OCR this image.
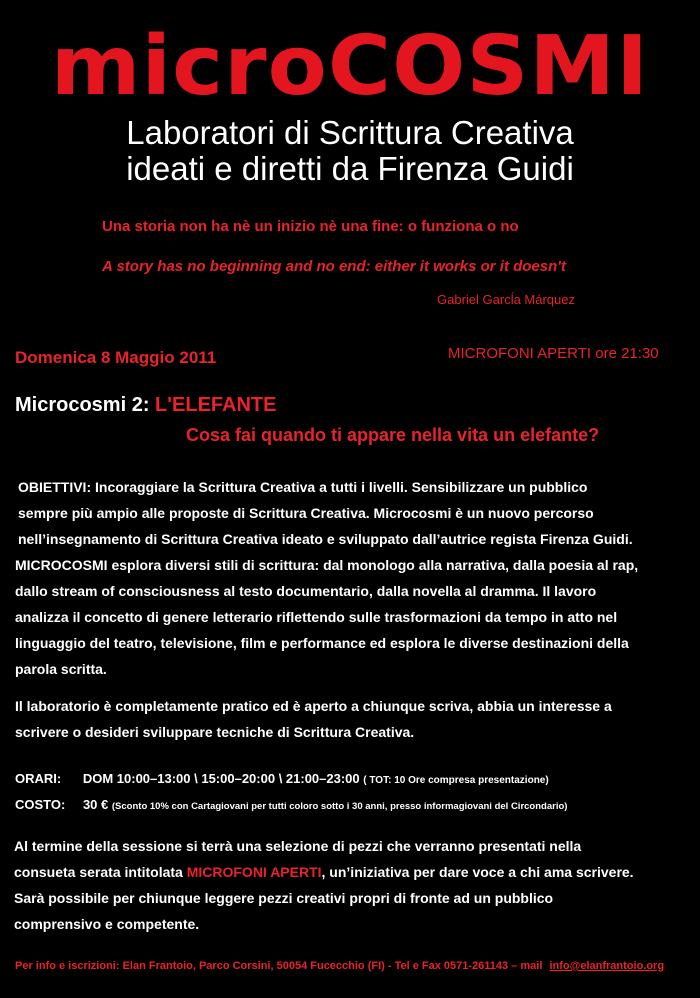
microCOSMI
Laboratori di Scrittura Creativa
ideati e diretti da Firenza Guidi
Una storia non ha nè un inizio nè una fine: o funziona o no
A story has no beginning and no end: either it works or it doesn't
Gabriel Garcĺa Márquez
Domenica 8 Maggio 2011	MICROFONI APERTI ore 21:30
Microcosmi 2: L'ELEFANTE
Cosa fai quando ti appare nella vita un elefante?

OBIETTIVI: Incoraggiare la Scrittura Creativa a tutti i livelli. Sensibilizzare un pubblico

sempre più ampio alle proposte di Scrittura Creativa. Microcosmi è un nuovo percorso

nell’insegnamento di Scrittura Creativa ideato e sviluppato dall’autrice regista Firenza Guidi.

MICROCOSMI esplora diversi stili di scrittura: dal monologo alla narrativa, dalla poesia al rap,

dallo stream of consciousness al testo documentario, dalla novella al dramma. Il lavoro

analizza il concetto di genere letterario riflettendo sulle trasformazioni da tempo in atto nel

linguaggio del teatro, televisione, film e performance ed esplora le diverse destinazioni della

parola scritta.

Il laboratorio è completamente pratico ed è aperto a chiunque scriva, abbia un interesse a

scrivere o desideri sviluppare tecniche di Scrittura Creativa.

ORARI: DOM 10:00–13:00 \ 15:00–20:00 \ 21:00–23:00 ( TOT: 10 Ore compresa presentazione)
COSTO: 30 € (Sconto 10% con Cartagiovani per tutti coloro sotto i 30 anni, presso informagiovani del Circondario)

Al termine della sessione si terrà una selezione di pezzi che verranno presentati nella

consueta serata intitolata MICROFONI APERTI, un’iniziativa per dare voce a chi ama scrivere.

Sarà possibile per chiunque leggere pezzi creativi propri di fronte ad un pubblico

comprensivo e competente.

Per info e iscrizioni: Elan Frantoio, Parco Corsini, 50054 Fucecchio (FI) - Tel e Fax 0571-261143 – mail info@elanfrantoio.org
